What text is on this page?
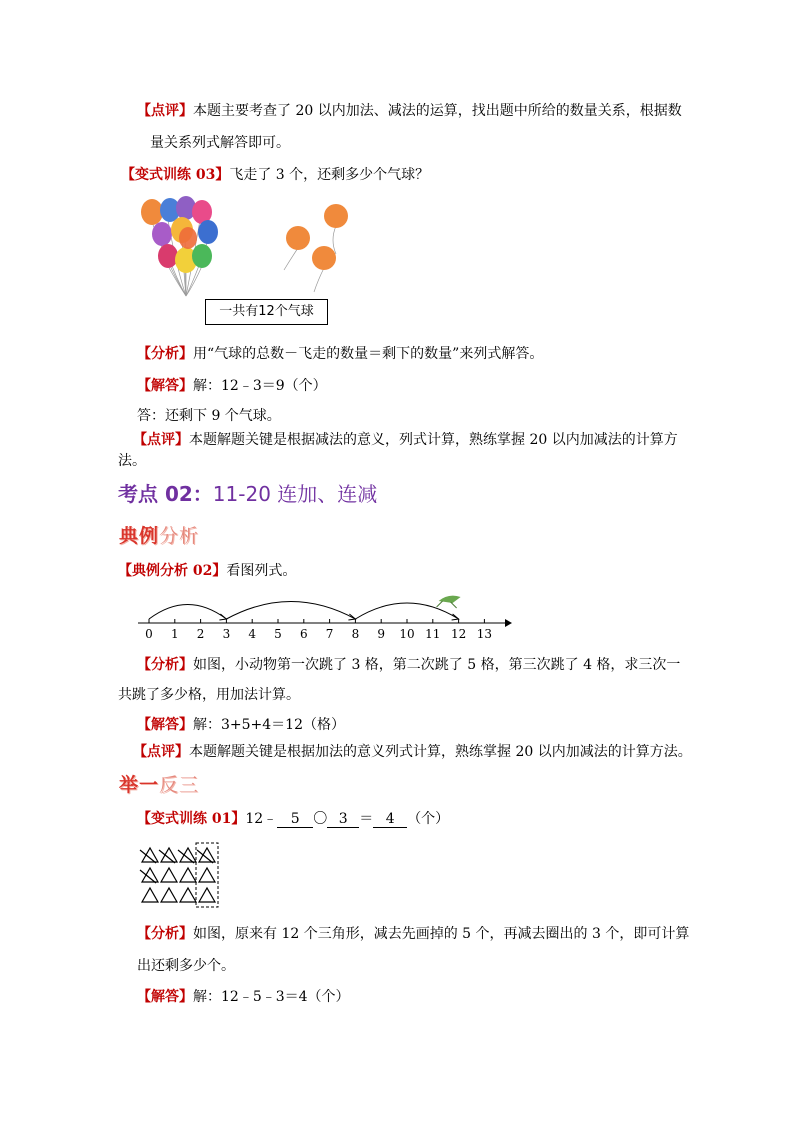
【点评】本题主要考查了 20 以内加法、减法的运算，找出题中所给的数量关系，根据数
量关系列式解答即可。
【变式训练 03】飞走了 3 个，还剩多少个气球？
一共有12个气球
【分析】用“气球的总数－飞走的数量＝剩下的数量”来列式解答。
【解答】解：12﹣3＝9（个）
答：还剩下 9 个气球。
【点评】本题解题关键是根据减法的意义，列式计算，熟练掌握 20 以内加减法的计算方
法。
考点 02：11-20 连加、连减
典例分析
【典例分析 02】看图列式。
0 1 2 3 4 5 6 7 8 9 10 11 12 13
【分析】如图，小动物第一次跳了 3 格，第二次跳了 5 格，第三次跳了 4 格，求三次一
共跳了多少格，用加法计算。
【解答】解：3+5+4＝12（格）
【点评】本题解题关键是根据加法的意义列式计算，熟练掌握 20 以内加减法的计算方法。
举一反三
【变式训练 01】12﹣ 5 〇 3 ＝ 4 （个）
【分析】如图，原来有 12 个三角形，减去先画掉的 5 个，再减去圈出的 3 个，即可计算
出还剩多少个。
【解答】解：12﹣5﹣3＝4（个）
